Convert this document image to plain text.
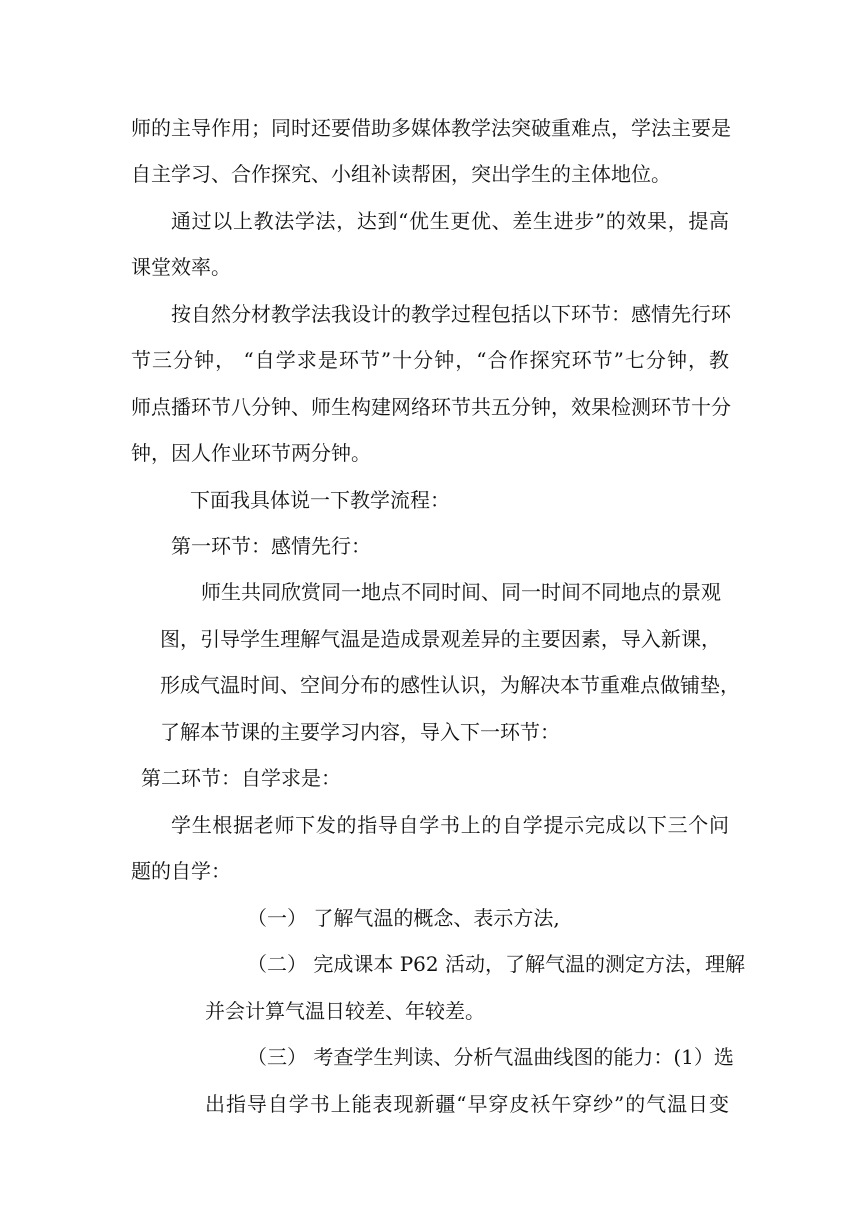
师的主导作用；同时还要借助多媒体教学法突破重难点，学法主要是
自主学习、合作探究、小组补读帮困，突出学生的主体地位。
通过以上教法学法，达到“优生更优、差生进步”的效果，提高
课堂效率。
按自然分材教学法我设计的教学过程包括以下环节：感情先行环
节三分钟， “自学求是环节”十分钟，“合作探究环节”七分钟，教
师点播环节八分钟、师生构建网络环节共五分钟，效果检测环节十分
钟，因人作业环节两分钟。
下面我具体说一下教学流程：
第一环节：感情先行：
师生共同欣赏同一地点不同时间、同一时间不同地点的景观
图，引导学生理解气温是造成景观差异的主要因素，导入新课，
形成气温时间、空间分布的感性认识，为解决本节重难点做铺垫，
了解本节课的主要学习内容，导入下一环节：
第二环节：自学求是：
学生根据老师下发的指导自学书上的自学提示完成以下三个问
题的自学：
（一） 了解气温的概念、表示方法,
（二） 完成课本 P62 活动，了解气温的测定方法，理解
并会计算气温日较差、年较差。
（三） 考查学生判读、分析气温曲线图的能力：(1）选
出指导自学书上能表现新疆“早穿皮袄午穿纱”的气温日变
